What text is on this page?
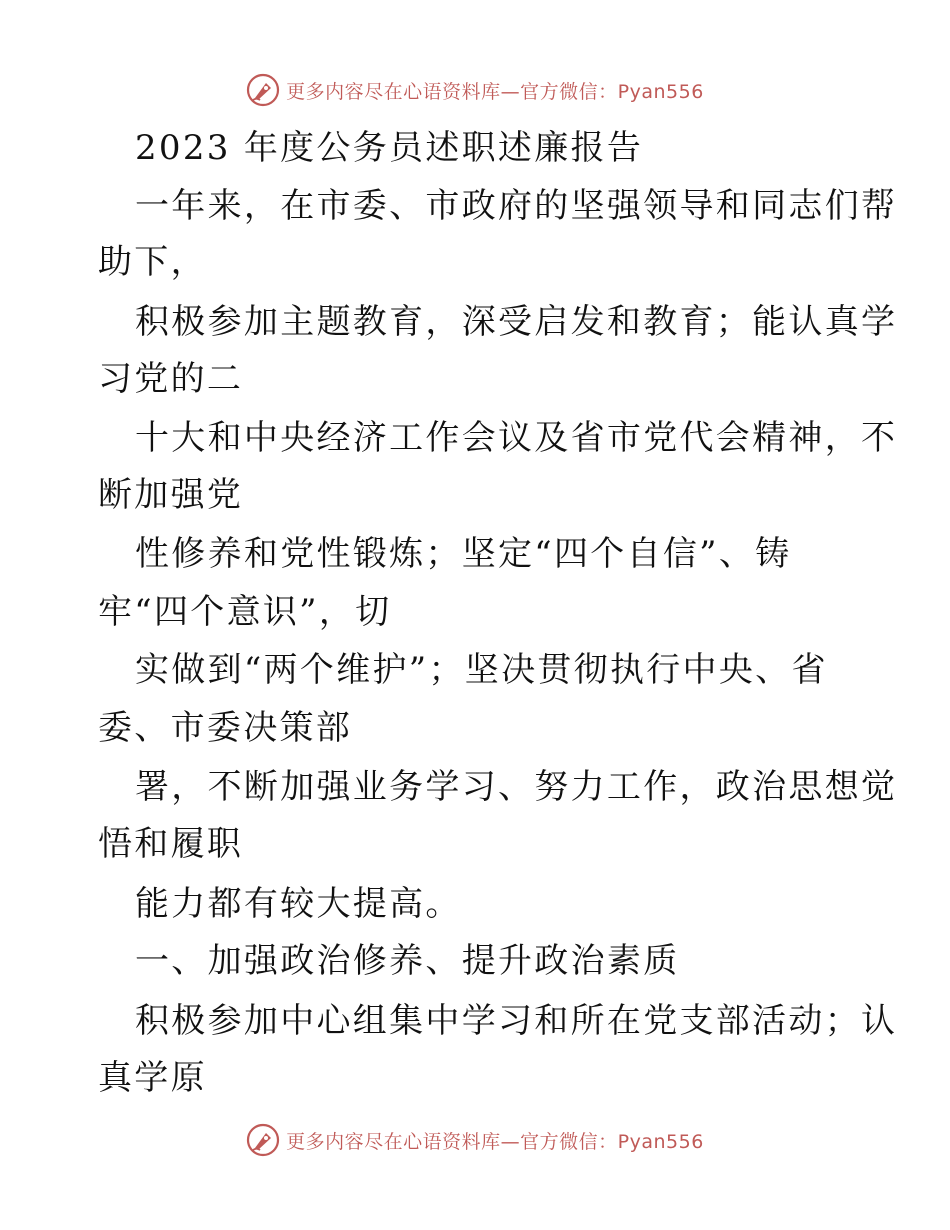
更多内容尽在心语资料库—官方微信：Pyan556
2023 年度公务员述职述廉报告
一年来，在市委、市政府的坚强领导和同志们帮
助下，
积极参加主题教育，深受启发和教育；能认真学
习党的二
十大和中央经济工作会议及省市党代会精神，不
断加强党
性修养和党性锻炼；坚定“四个自信”、铸
牢“四个意识”，切
实做到“两个维护”；坚决贯彻执行中央、省
委、市委决策部
署，不断加强业务学习、努力工作，政治思想觉
悟和履职
能力都有较大提高。
一、加强政治修养、提升政治素质
积极参加中心组集中学习和所在党支部活动；认
真学原
更多内容尽在心语资料库—官方微信：Pyan556
